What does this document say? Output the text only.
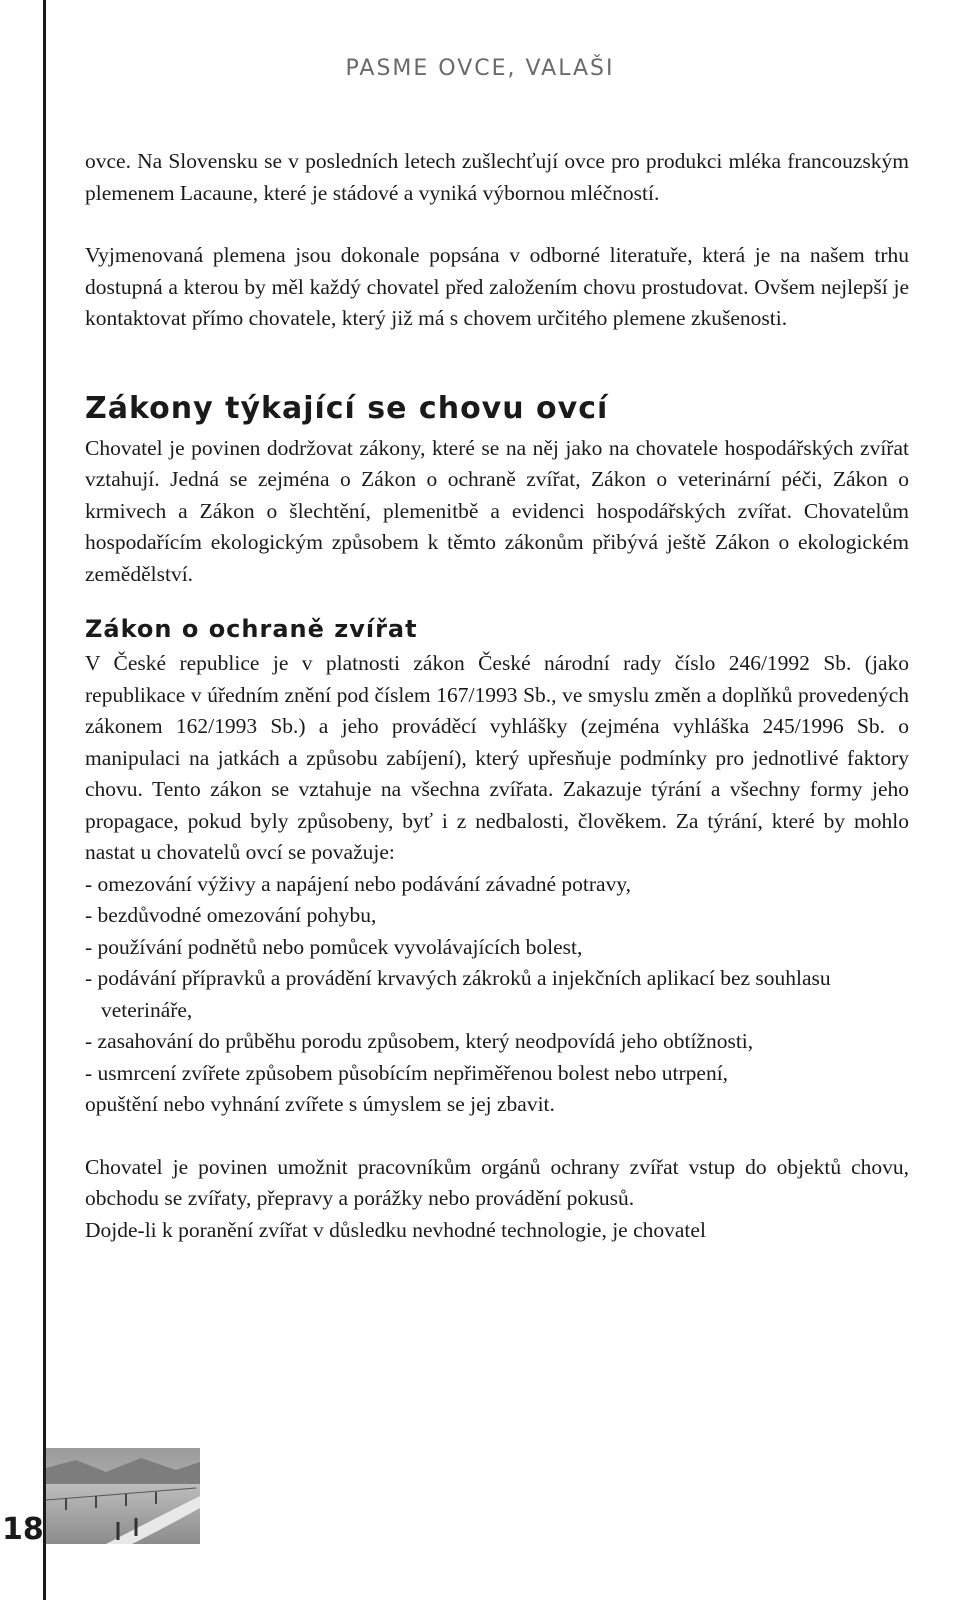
PASME OVCE, VALAŠI

ovce. Na Slovensku se v posledních letech zušlechťují ovce pro produkci mléka francouzským plemenem Lacaune, které je stádové a vyniká výbornou mléčností.

Vyjmenovaná plemena jsou dokonale popsána v odborné literatuře, která je na našem trhu dostupná a kterou by měl každý chovatel před založením chovu prostudovat. Ovšem nejlepší je kontaktovat přímo chovatele, který již má s chovem určitého plemene zkušenosti.

Zákony týkající se chovu ovcí

Chovatel je povinen dodržovat zákony, které se na něj jako na chovatele hospodářských zvířat vztahují. Jedná se zejména o Zákon o ochraně zvířat, Zákon o veterinární péči, Zákon o krmivech a Zákon o šlechtění, plemenitbě a evidenci hospodářských zvířat. Chovatelům hospodařícím ekologickým způsobem k těmto zákonům přibývá ještě Zákon o ekologickém zemědělství.

Zákon o ochraně zvířat

V České republice je v platnosti zákon České národní rady číslo 246/1992 Sb. (jako republikace v úředním znění pod číslem 167/1993 Sb., ve smyslu změn a doplňků provedených zákonem 162/1993 Sb.) a jeho prováděcí vyhlášky (zejména vyhláška 245/1996 Sb. o manipulaci na jatkách a způsobu zabíjení), který upřesňuje podmínky pro jednotlivé faktory chovu. Tento zákon se vztahuje na všechna zvířata. Zakazuje týrání a všechny formy jeho propagace, pokud byly způsobeny, byť i z nedbalosti, člověkem. Za týrání, které by mohlo nastat u chovatelů ovcí se považuje:

- omezování výživy a napájení nebo podávání závadné potravy,
- bezdůvodné omezování pohybu,
- používání podnětů nebo pomůcek vyvolávajících bolest,
- podávání přípravků a provádění krvavých zákroků a injekčních aplikací bez souhlasu veterináře,
- zasahování do průběhu porodu způsobem, který neodpovídá jeho obtížnosti,
- usmrcení zvířete způsobem působícím nepřiměřenou bolest nebo utrpení,

opuštění nebo vyhnání zvířete s úmyslem se jej zbavit.

Chovatel je povinen umožnit pracovníkům orgánů ochrany zvířat vstup do objektů chovu, obchodu se zvířaty, přepravy a porážky nebo provádění pokusů.

Dojde-li k poranění zvířat v důsledku nevhodné technologie, je chovatel

18
